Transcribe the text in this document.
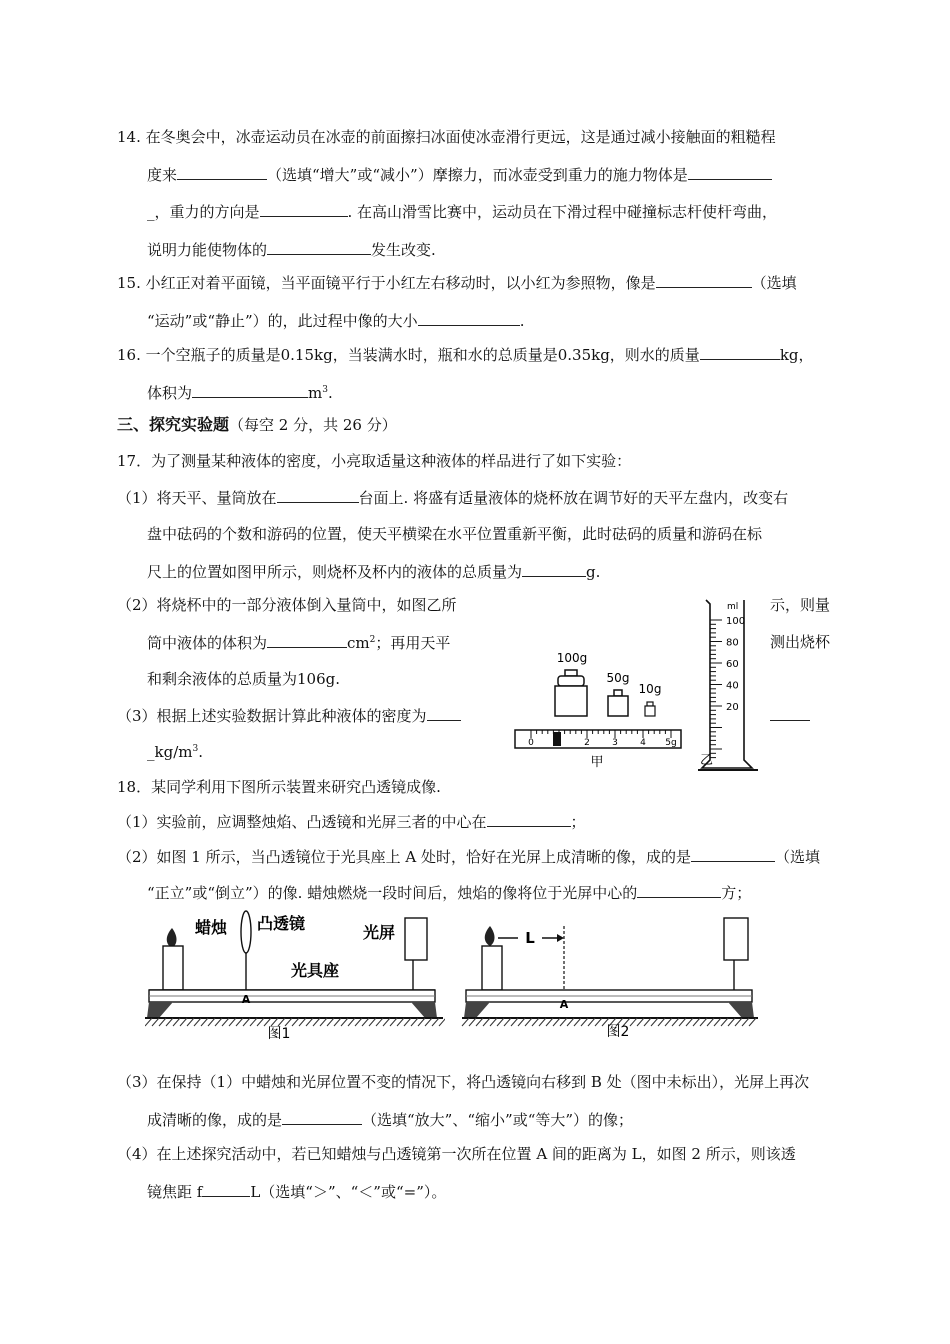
14. 在冬奥会中，冰壶运动员在冰壶的前面擦扫冰面使冰壶滑行更远，这是通过减小接触面的粗糙程
度来	（选填“增大”或“减小”）摩擦力，而冰壶受到重力的施力物体是
_，重力的方向是	. 在高山滑雪比赛中，运动员在下滑过程中碰撞标志杆使杆弯曲，
说明力能使物体的	发生改变.
15. 小红正对着平面镜，当平面镜平行于小红左右移动时，以小红为参照物，像是	（选填
“运动”或“静止”）的，此过程中像的大小	.
16. 一个空瓶子的质量是0.15kg，当装满水时，瓶和水的总质量是0.35kg，则水的质量	kg，
体积为	$m^3$.
三、探究实验题（每空 2 分，共 26 分）
17．为了测量某种液体的密度，小亮取适量这种液体的样品进行了如下实验：
（1）将天平、量筒放在	台面上. 将盛有适量液体的烧杯放在调节好的天平左盘内，改变右
盘中砝码的个数和游码的位置，使天平横梁在水平位置重新平衡，此时砝码的质量和游码在标
尺上的位置如图甲所示，则烧杯及杯内的液体的总质量为	g.
（2）将烧杯中的一部分液体倒入量筒中，如图乙所	示，则量
筒中液体的体积为	$cm^2$；再用天平	测出烧杯
和剩余液体的总质量为106g.
（3）根据上述实验数据计算此种液体的密度为
$\_kg/m^3$.
100g
50g
10g
0	2 3 4 5g
甲
ml
100
80
60
40
20
乙
18．某同学利用下图所示装置来研究凸透镜成像.
（1）实验前，应调整烛焰、凸透镜和光屏三者的中心在	；
（2）如图 1 所示，当凸透镜位于光具座上 A 处时，恰好在光屏上成清晰的像，成的是	（选填
“正立”或“倒立”）的像. 蜡烛燃烧一段时间后，烛焰的像将位于光屏中心的	方；
蜡烛 凸透镜	光屏
光具座
A
图1
L
A
图2
（3）在保持（1）中蜡烛和光屏位置不变的情况下，将凸透镜向右移到 B 处（图中未标出），光屏上再次
成清晰的像，成的是	（选填“放大”、“缩小”或“等大”）的像；
（4）在上述探究活动中，若已知蜡烛与凸透镜第一次所在位置 A 间的距离为 L，如图 2 所示，则该透
镜焦距 f	L（选填“＞”、“＜”或“=”）。
